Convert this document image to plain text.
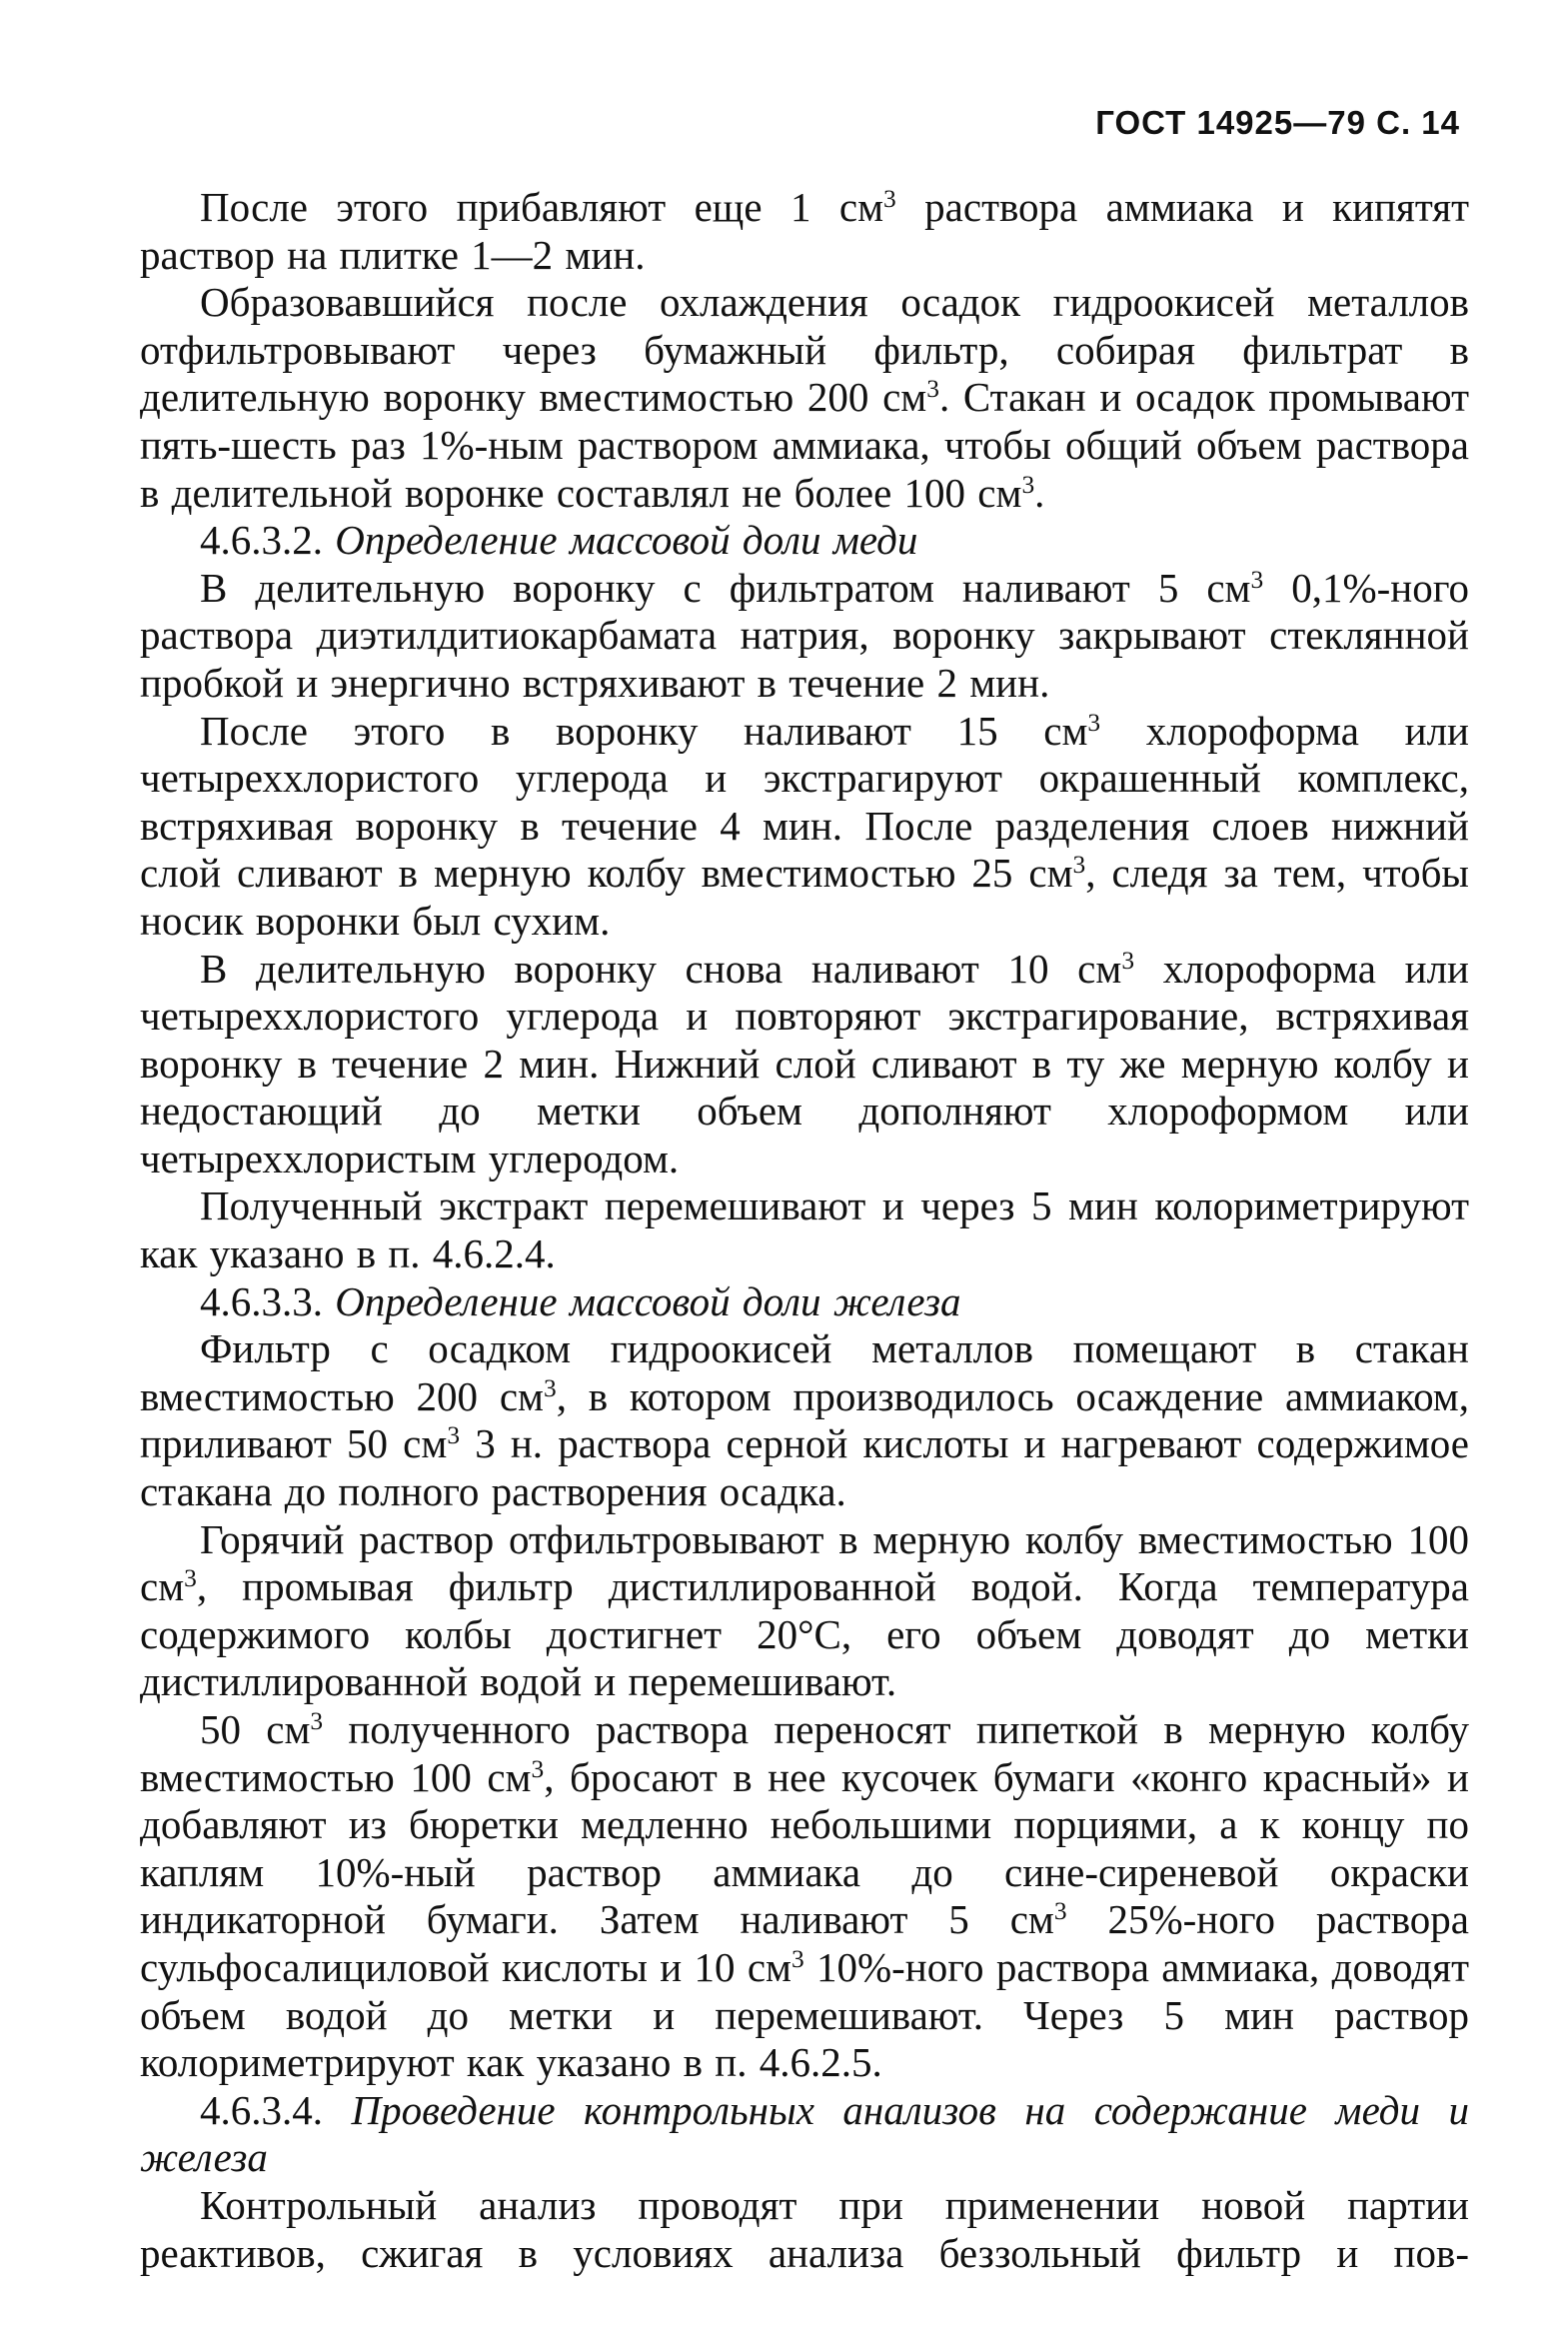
ГОСТ 14925—79 С. 14

После этого прибавляют еще 1 $см^3$ раствора аммиака и кипятят раствор на плитке 1—2 мин.

Образовавшийся после охлаждения осадок гидроокисей металлов отфильтровывают через бумажный фильтр, собирая фильтрат в делительную воронку вместимостью 200 $см^3$. Стакан и осадок промывают пять-шесть раз 1%-ным раствором аммиака, чтобы общий объем раствора в делительной воронке составлял не более 100 $см^3$.

4.6.3.2. Определение массовой доли меди

В делительную воронку с фильтратом наливают 5 $см^3$ 0,1%-ного раствора диэтилдитиокарбамата натрия, воронку закрывают стеклянной пробкой и энергично встряхивают в течение 2 мин.

После этого в воронку наливают 15 $см^3$ хлороформа или четыреххлористого углерода и экстрагируют окрашенный комплекс, встряхивая воронку в течение 4 мин. После разделения слоев нижний слой сливают в мерную колбу вместимостью 25 $см^3$, следя за тем, чтобы носик воронки был сухим.

В делительную воронку снова наливают 10 $см^3$ хлороформа или четыреххлористого углерода и повторяют экстрагирование, встряхивая воронку в течение 2 мин. Нижний слой сливают в ту же мерную колбу и недостающий до метки объем дополняют хлороформом или четыреххлористым углеродом.

Полученный экстракт перемешивают и через 5 мин колориметрируют как указано в п. 4.6.2.4.

4.6.3.3. Определение массовой доли железа

Фильтр с осадком гидроокисей металлов помещают в стакан вместимостью 200 $см^3$, в котором производилось осаждение аммиаком, приливают 50 $см^3$ 3 н. раствора серной кислоты и нагревают содержимое стакана до полного растворения осадка.

Горячий раствор отфильтровывают в мерную колбу вместимостью 100 $см^3$, промывая фильтр дистиллированной водой. Когда температура содержимого колбы достигнет 20°С, его объем доводят до метки дистиллированной водой и перемешивают.

50 $см^3$ полученного раствора переносят пипеткой в мерную колбу вместимостью 100 $см^3$, бросают в нее кусочек бумаги «конго красный» и добавляют из бюретки медленно небольшими порциями, а к концу по каплям 10%-ный раствор аммиака до сине-сиреневой окраски индикаторной бумаги. Затем наливают 5 $см^3$ 25%-ного раствора сульфосалициловой кислоты и 10 $см^3$ 10%-ного раствора аммиака, доводят объем водой до метки и перемешивают. Через 5 мин раствор колориметрируют как указано в п. 4.6.2.5.

4.6.3.4. Проведение контрольных анализов на содержание меди и железа

Контрольный анализ проводят при применении новой партии реактивов, сжигая в условиях анализа беззольный фильтр и пов-
